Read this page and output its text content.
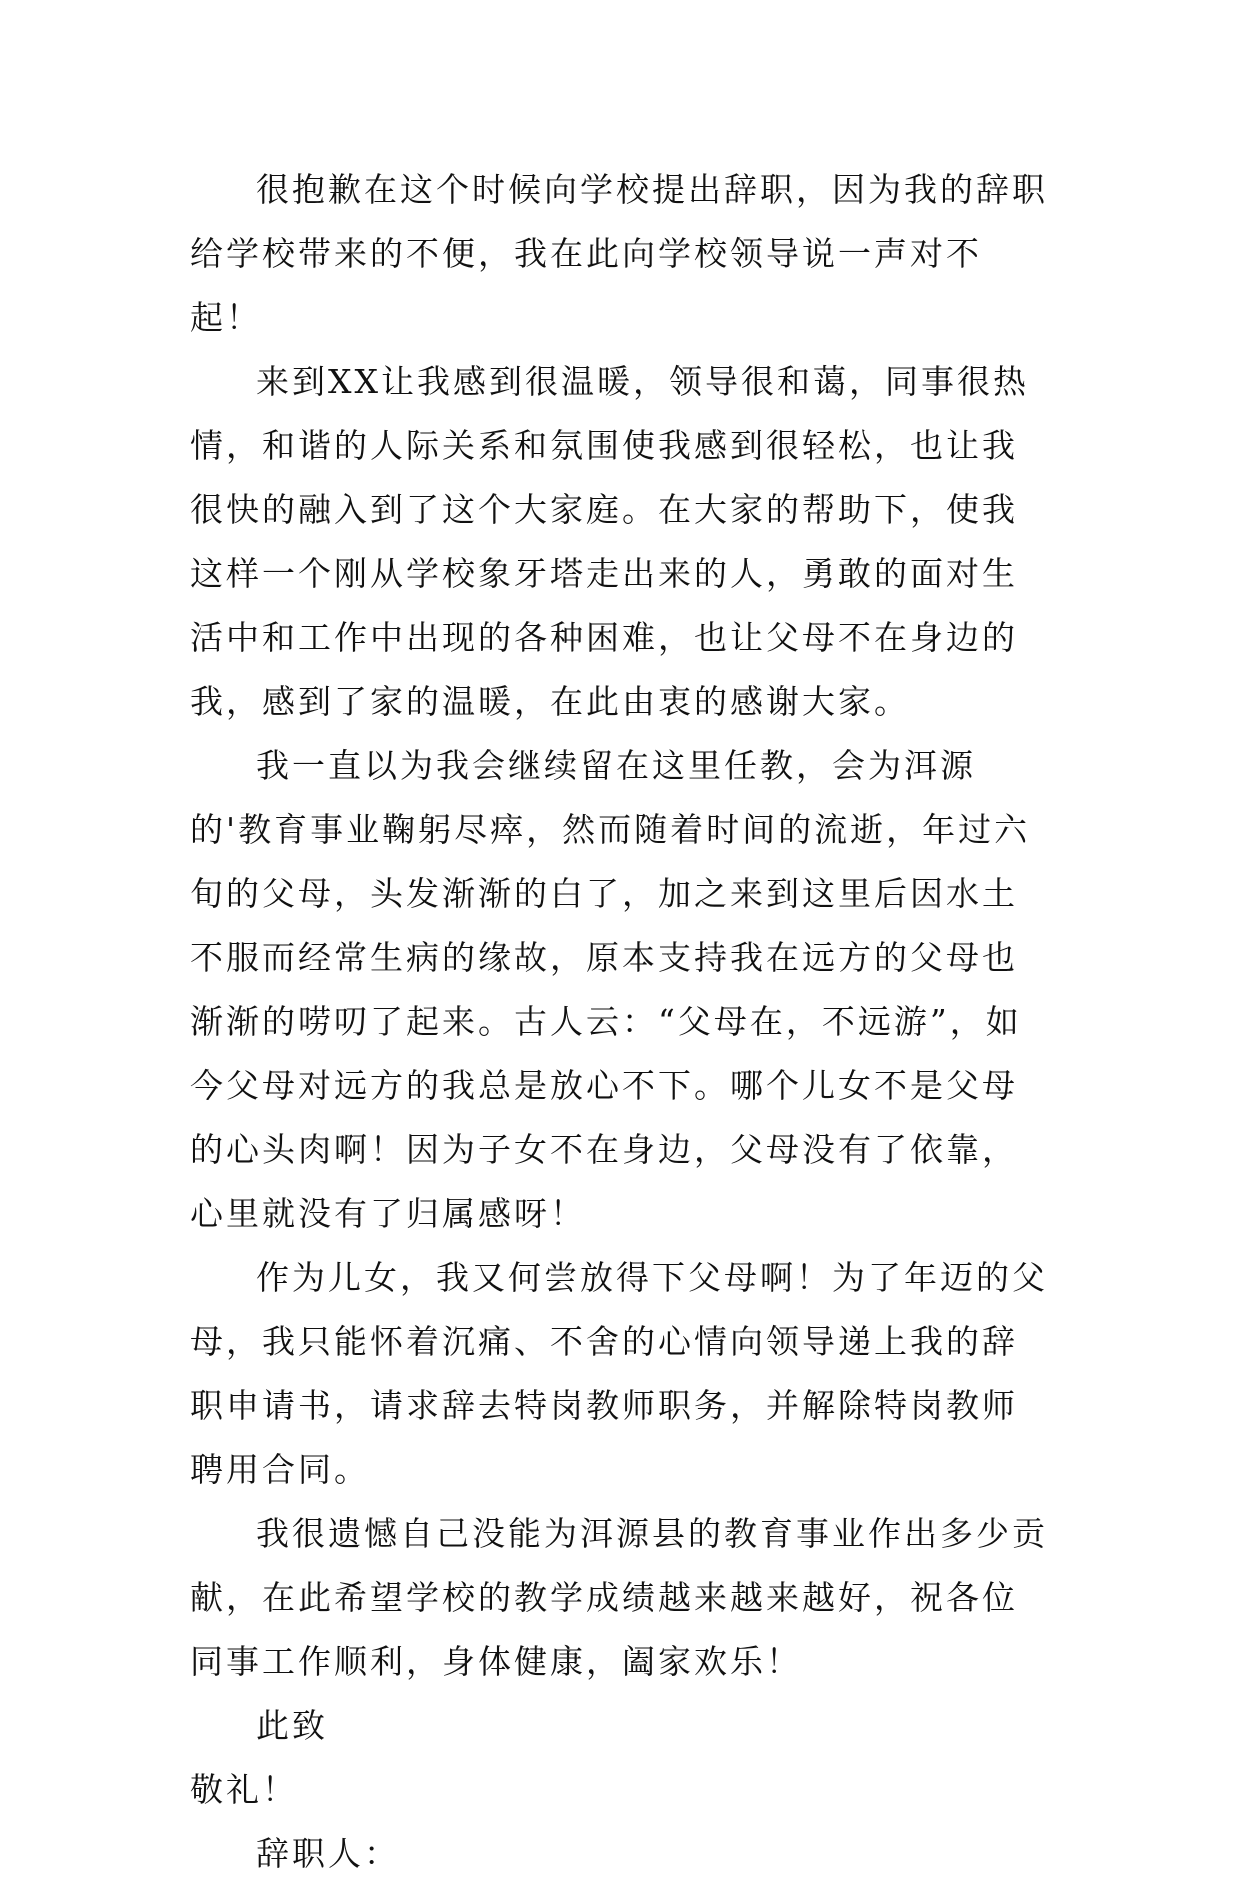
很抱歉在这个时候向学校提出辞职，因为我的辞职给学校带来的不便，我在此向学校领导说一声对不起！

来到XX让我感到很温暖，领导很和蔼，同事很热情，和谐的人际关系和氛围使我感到很轻松，也让我很快的融入到了这个大家庭。在大家的帮助下，使我这样一个刚从学校象牙塔走出来的人，勇敢的面对生活中和工作中出现的各种困难，也让父母不在身边的我，感到了家的温暖，在此由衷的感谢大家。

我一直以为我会继续留在这里任教，会为洱源的'教育事业鞠躬尽瘁，然而随着时间的流逝，年过六旬的父母，头发渐渐的白了，加之来到这里后因水土不服而经常生病的缘故，原本支持我在远方的父母也渐渐的唠叨了起来。古人云：“父母在，不远游”，如今父母对远方的我总是放心不下。哪个儿女不是父母的心头肉啊！因为子女不在身边，父母没有了依靠，心里就没有了归属感呀！

作为儿女，我又何尝放得下父母啊！为了年迈的父母，我只能怀着沉痛、不舍的心情向领导递上我的辞职申请书，请求辞去特岗教师职务，并解除特岗教师聘用合同。

我很遗憾自己没能为洱源县的教育事业作出多少贡献，在此希望学校的教学成绩越来越来越好，祝各位同事工作顺利，身体健康，阖家欢乐！

此致

敬礼！

辞职人：
